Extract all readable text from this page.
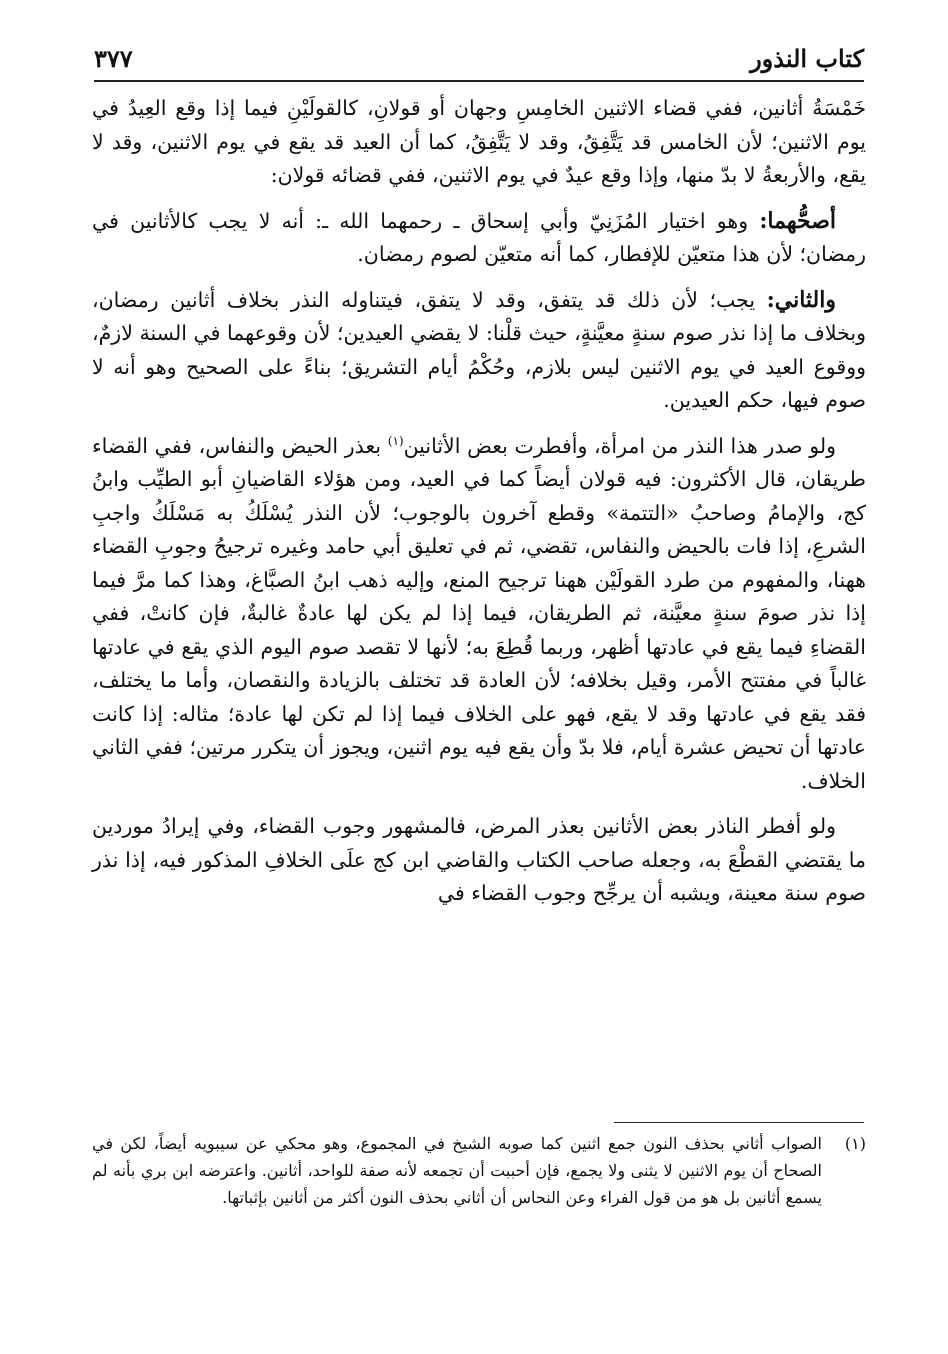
كتاب النذور
٣٧٧

خَمْسَةُ أثانين، ففي قضاء الاثنين الخامِسِ وجهان أو قولانِ، كالقولَيْنِ فيما إذا وقع العِيدُ في يوم الاثنين؛ لأن الخامس قد يَتَّفِقُ، وقد لا يَتَّفِقُ، كما أن العيد قد يقع في يوم الاثنين، وقد لا يقع، والأربعةُ لا بدّ منها، وإذا وقع عيدٌ في يوم الاثنين، ففي قضائه قولان:

أصحُّهما: وهو اختيار المُزَنِيّ وأبي إسحاق ـ رحمهما الله ـ: أنه لا يجب كالأثانين في رمضان؛ لأن هذا متعيّن للإفطار، كما أنه متعيّن لصوم رمضان.

والثاني: يجب؛ لأن ذلك قد يتفق، وقد لا يتفق، فيتناوله النذر بخلاف أثانين رمضان، وبخلاف ما إذا نذر صوم سنةٍ معيَّنةٍ، حيث قلْنا: لا يقضي العيدين؛ لأن وقوعهما في السنة لازمٌ، ووقوع العيد في يوم الاثنين ليس بلازم، وحُكْمُ أيام التشريق؛ بناءً على الصحيح وهو أنه لا صوم فيها، حكم العيدين.

ولو صدر هذا النذر من امرأة، وأفطرت بعض الأثانين$^{(١)}$ بعذر الحيض والنفاس، ففي القضاء طريقان، قال الأكثرون: فيه قولان أيضاً كما في العيد، ومن هؤلاء القاضيانِ أبو الطيِّب وابنُ كج، والإمامُ وصاحبُ «التتمة» وقطع آخرون بالوجوب؛ لأن النذر يُسْلَكُ به مَسْلَكُ واجبِ الشرعِ، إذا فات بالحيض والنفاس، تقضي، ثم في تعليق أبي حامد وغيره ترجيحُ وجوبِ القضاء ههنا، والمفهوم من طرد القولَيْن ههنا ترجيح المنع، وإليه ذهب ابنُ الصبَّاغ، وهذا كما مرَّ فيما إذا نذر صومَ سنةٍ معيَّنة، ثم الطريقان، فيما إذا لم يكن لها عادةٌ غالبةٌ، فإن كانتْ، ففي القضاءِ فيما يقع في عادتها أظهر، وربما قُطِعَ به؛ لأنها لا تقصد صوم اليوم الذي يقع في عادتها غالباً في مفتتح الأمر، وقيل بخلافه؛ لأن العادة قد تختلف بالزيادة والنقصان، وأما ما يختلف، فقد يقع في عادتها وقد لا يقع، فهو على الخلاف فيما إذا لم تكن لها عادة؛ مثاله: إذا كانت عادتها أن تحيض عشرة أيام، فلا بدّ وأن يقع فيه يوم اثنين، ويجوز أن يتكرر مرتين؛ ففي الثاني الخلاف.

ولو أفطر الناذر بعض الأثانين بعذر المرض، فالمشهور وجوب القضاء، وفي إيرادُ موردين ما يقتضي القطْعَ به، وجعله صاحب الكتاب والقاضي ابن كج علَى الخلافِ المذكور فيه، إذا نذر صوم سنة معينة، ويشبه أن يرجِّح وجوب القضاء في

(١)
الصواب أثاني بحذف النون جمع اثنين كما صوبه الشيخ في المجموع، وهو محكي عن سيبويه أيضاً، لكن في الصحاح أن يوم الاثنين لا يثنى ولا يجمع، فإن أحببت أن تجمعه لأنه صفة للواحد، أثانين. واعترضه ابن بري بأنه لم يسمع أثانين بل هو من قول الفراء وعن النحاس أن أثاني بحذف النون أكثر من أثانين بإثباتها.
